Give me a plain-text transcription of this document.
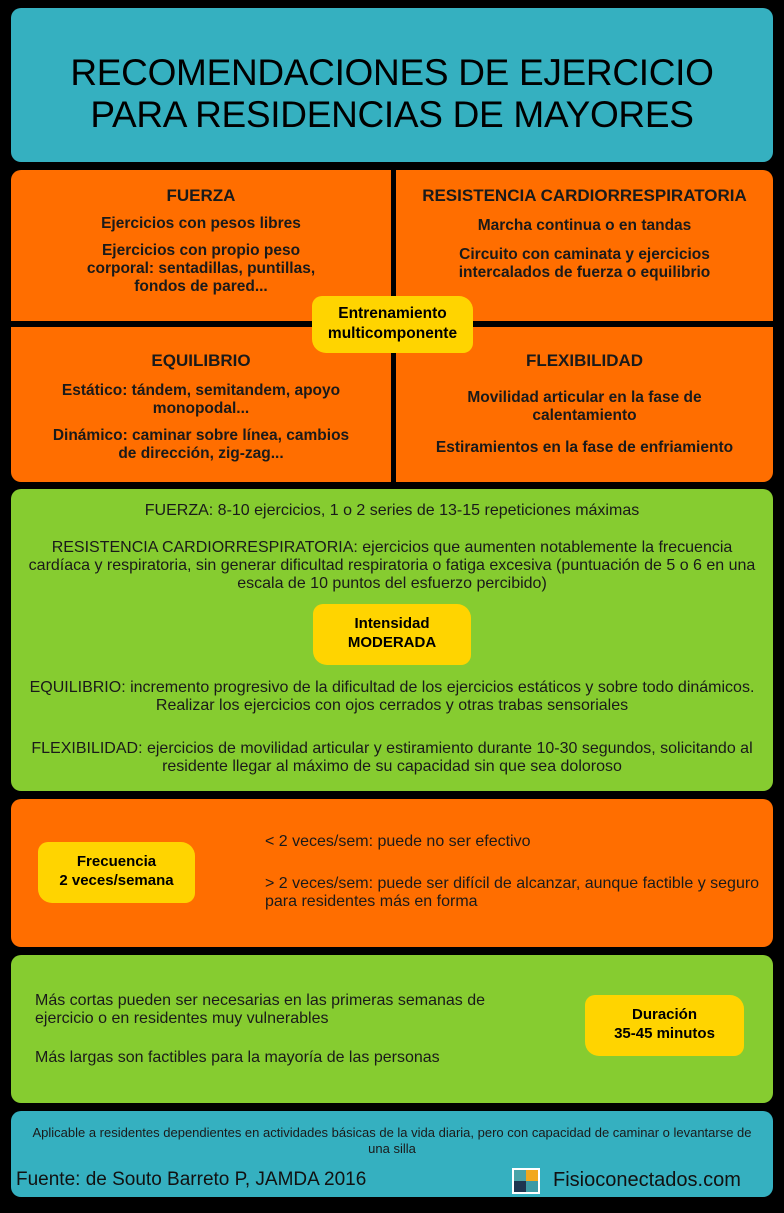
RECOMENDACIONES DE EJERCICIO
PARA RESIDENCIAS DE MAYORES
FUERZA

Ejercicios con pesos libres

Ejercicios con propio peso corporal: sentadillas, puntillas, fondos de pared...

RESISTENCIA CARDIORRESPIRATORIA

Marcha continua o en tandas

Circuito con caminata y ejercicios intercalados de fuerza o equilibrio

EQUILIBRIO

Estático: tándem, semitandem, apoyo monopodal...

Dinámico: caminar sobre línea, cambios de dirección, zig-zag...

FLEXIBILIDAD

Movilidad articular en la fase de calentamiento

Estiramientos en la fase de enfriamiento

Entrenamiento
multicomponente

FUERZA: 8-10 ejercicios, 1 o 2 series de 13-15 repeticiones máximas

RESISTENCIA CARDIORRESPIRATORIA: ejercicios que aumenten notablemente la frecuencia cardíaca y respiratoria, sin generar dificultad respiratoria o fatiga excesiva (puntuación de 5 o 6 en una escala de 10 puntos del esfuerzo percibido)

EQUILIBRIO: incremento progresivo de la dificultad de los ejercicios estáticos y sobre todo dinámicos. Realizar los ejercicios con ojos cerrados y otras trabas sensoriales

FLEXIBILIDAD: ejercicios de movilidad articular y estiramiento durante 10-30 segundos, solicitando al residente llegar al máximo de su capacidad sin que sea doloroso

Intensidad
MODERADA

< 2 veces/sem: puede no ser efectivo

> 2 veces/sem: puede ser difícil de alcanzar, aunque factible y seguro para residentes más en forma

Frecuencia
2 veces/semana

Más cortas pueden ser necesarias en las primeras semanas de ejercicio o en residentes muy vulnerables

Más largas son factibles para la mayoría de las personas

Duración
35-45 minutos
Aplicable a residentes dependientes en actividades básicas de la vida diaria, pero con capacidad de caminar o levantarse de una silla
Fuente: de Souto Barreto P, JAMDA 2016	Fisioconectados.com
